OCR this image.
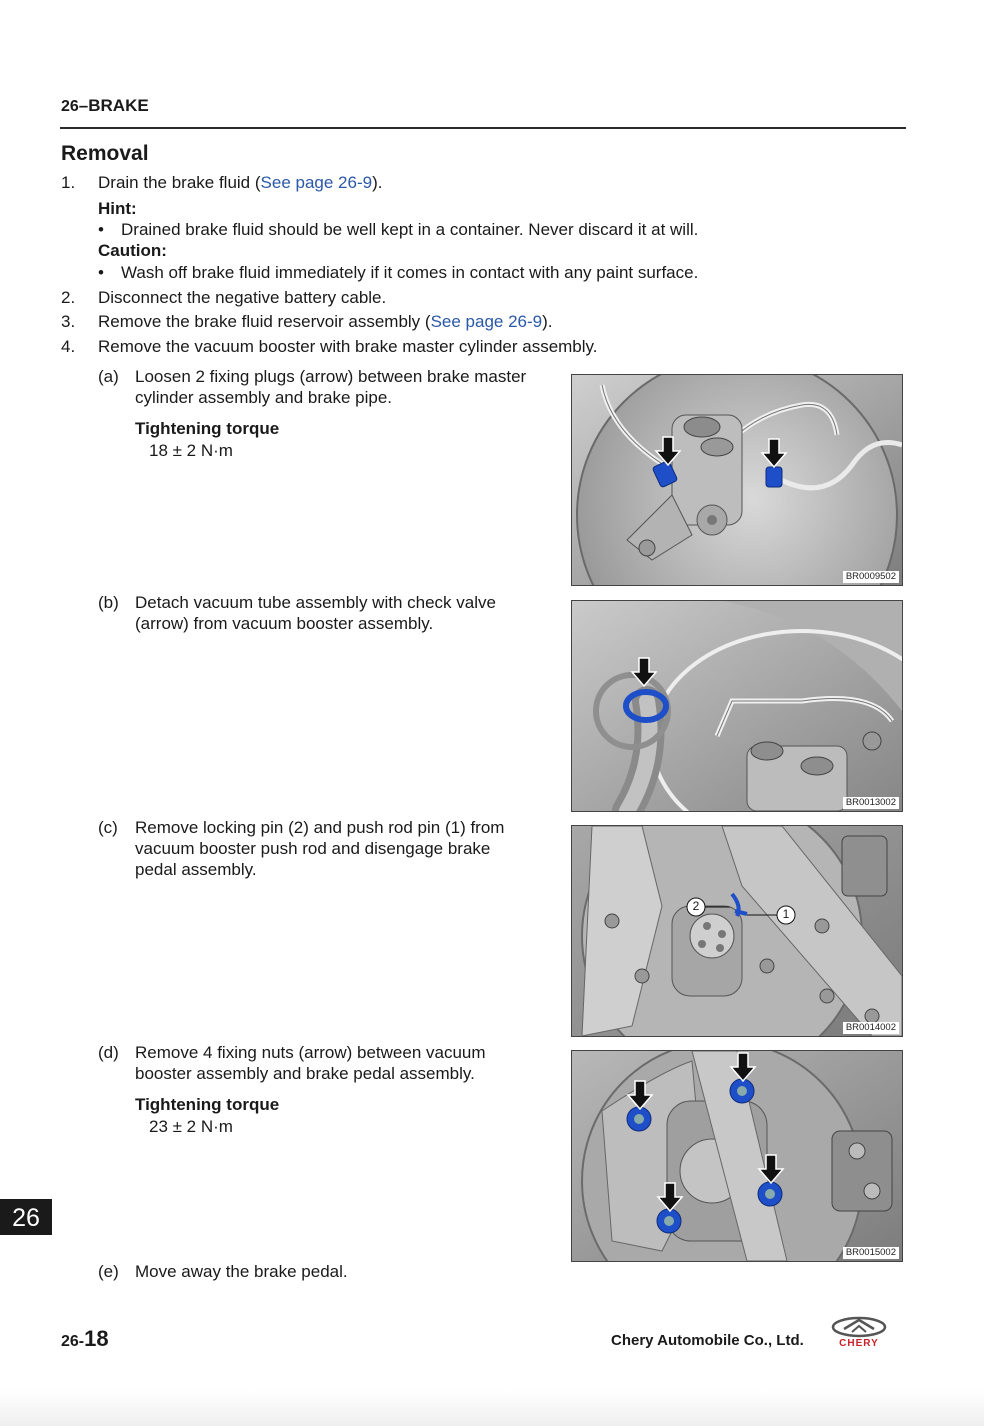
26–BRAKE
Removal
1. Drain the brake fluid (See page 26-9).
Hint:
• Drained brake fluid should be well kept in a container. Never discard it at will.
Caution:
• Wash off brake fluid immediately if it comes in contact with any paint surface.
2. Disconnect the negative battery cable.
3. Remove the brake fluid reservoir assembly (See page 26-9).
4. Remove the vacuum booster with brake master cylinder assembly.
(a) Loosen 2 fixing plugs (arrow) between brake master
cylinder assembly and brake pipe.
Tightening torque
18 ± 2 N·m
BR0009502
(b) Detach vacuum tube assembly with check valve
(arrow) from vacuum booster assembly.
BR0013002
(c) Remove locking pin (2) and push rod pin (1) from
vacuum booster push rod and disengage brake
pedal assembly.
2
1
BR0014002
(d) Remove 4 fixing nuts (arrow) between vacuum
booster assembly and brake pedal assembly.
Tightening torque
23 ± 2 N·m
BR0015002
(e) Move away the brake pedal.
26
26-18	Chery Automobile Co., Ltd.	CHERY
